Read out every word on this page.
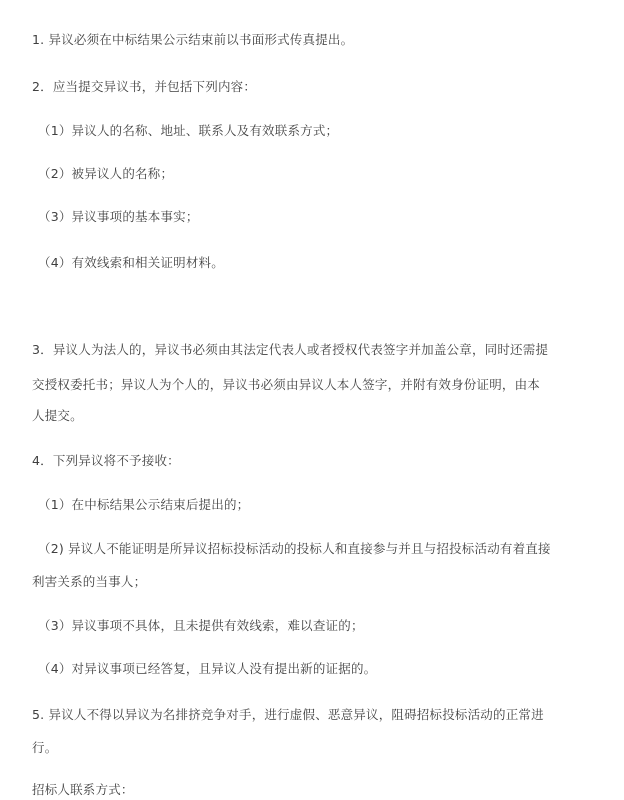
1. 异议必须在中标结果公示结束前以书面形式传真提出。
2．应当提交异议书，并包括下列内容：
（1）异议人的名称、地址、联系人及有效联系方式；
（2）被异议人的名称；
（3）异议事项的基本事实；
（4）有效线索和相关证明材料。
3．异议人为法人的，异议书必须由其法定代表人或者授权代表签字并加盖公章，同时还需提
交授权委托书；异议人为个人的，异议书必须由异议人本人签字，并附有效身份证明，由本
人提交。
4．下列异议将不予接收：
（1）在中标结果公示结束后提出的；
（2) 异议人不能证明是所异议招标投标活动的投标人和直接参与并且与招投标活动有着直接
利害关系的当事人；
（3）异议事项不具体，且未提供有效线索，难以查证的；
（4）对异议事项已经答复，且异议人没有提出新的证据的。
5. 异议人不得以异议为名排挤竞争对手，进行虚假、恶意异议，阻碍招标投标活动的正常进
行。
招标人联系方式：
